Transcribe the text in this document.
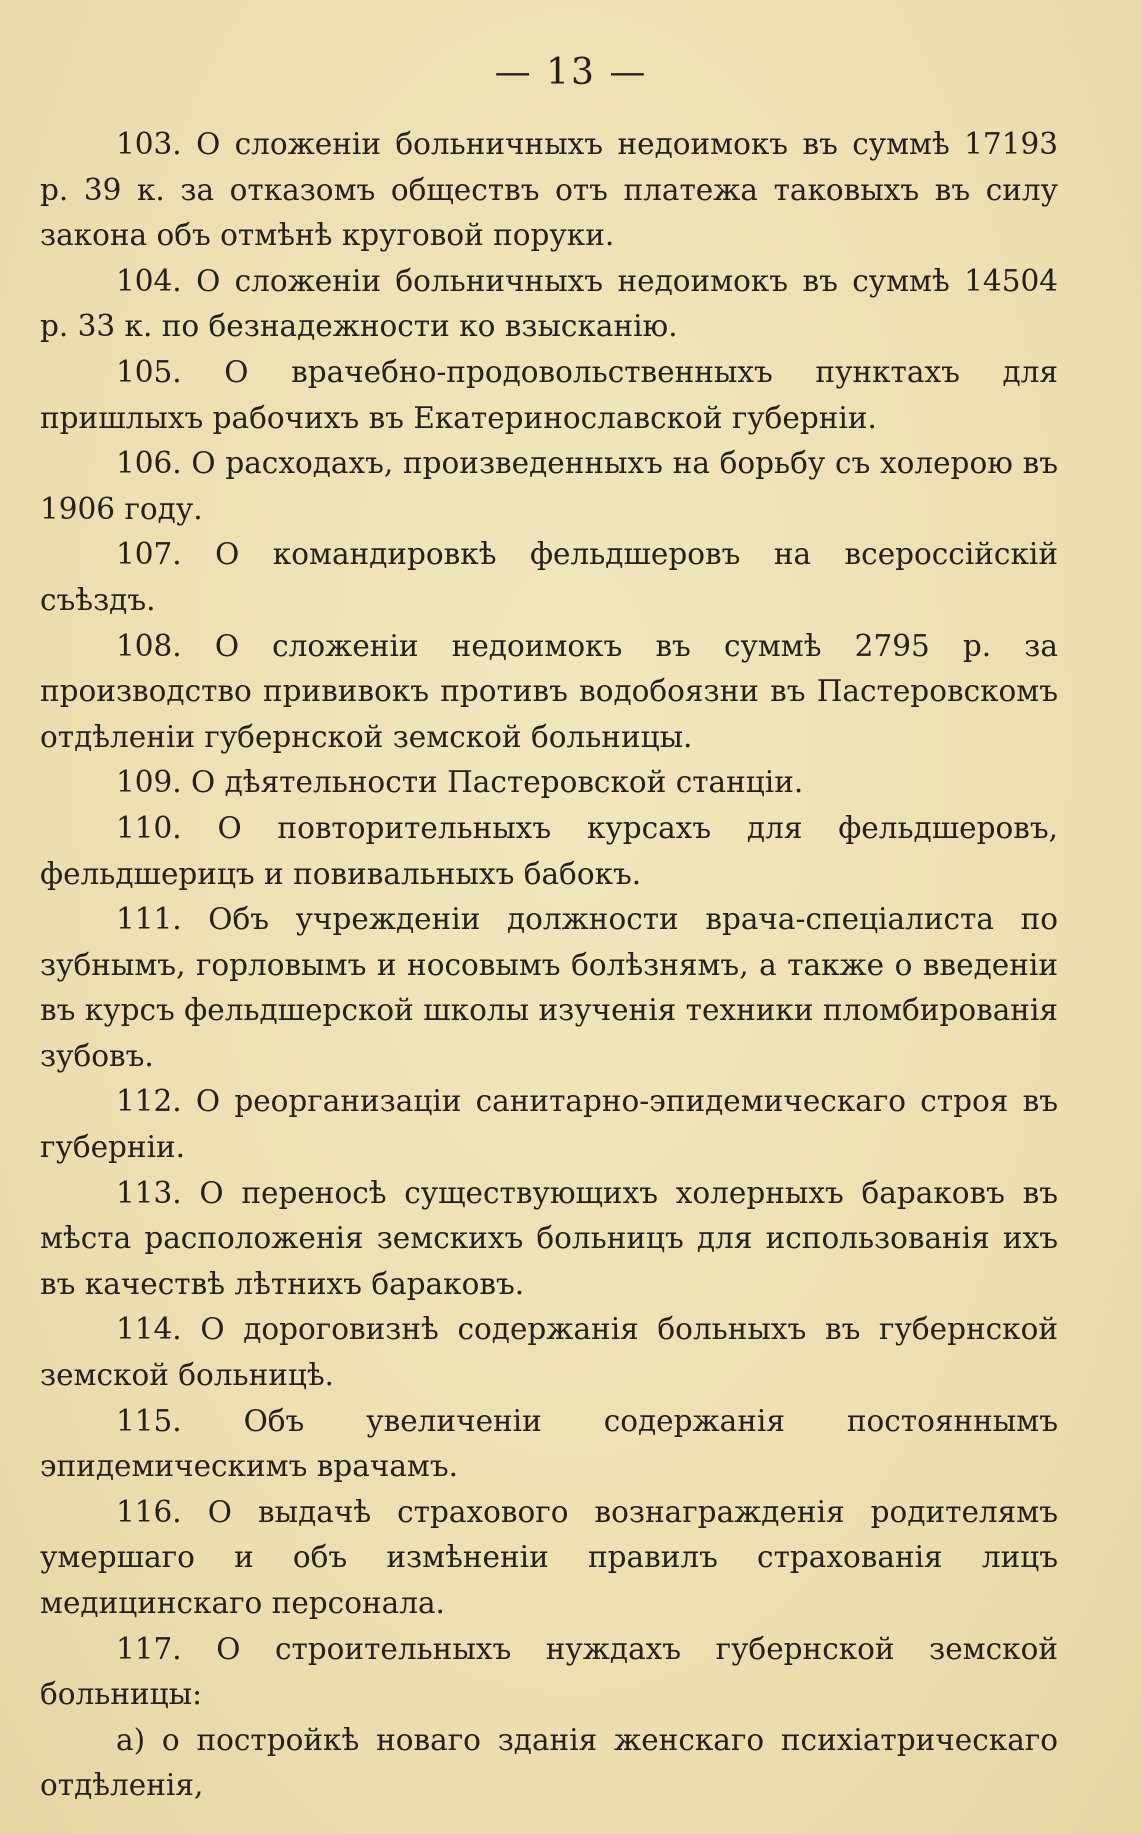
— 13 —

103. О сложеніи больничныхъ недоимокъ въ суммѣ 17193 р. 39 к. за отказомъ обществъ отъ платежа таковыхъ въ силу закона объ отмѣнѣ круговой поруки.

104. О сложеніи больничныхъ недоимокъ въ суммѣ 14504 р. 33 к. по безнадежности ко взысканію.

105. О врачебно-продовольственныхъ пунктахъ для пришлыхъ рабочихъ въ Екатеринославской губерніи.

106. О расходахъ, произведенныхъ на борьбу съ холерою въ 1906 году.

107. О командировкѣ фельдшеровъ на всероссійскій съѣздъ.

108. О сложеніи недоимокъ въ суммѣ 2795 р. за производство прививокъ противъ водобоязни въ Пастеровскомъ отдѣленіи губернской земской больницы.

109. О дѣятельности Пастеровской станціи.

110. О повторительныхъ курсахъ для фельдшеровъ, фельдшерицъ и повивальныхъ бабокъ.

111. Объ учрежденіи должности врача-спеціалиста по зубнымъ, горловымъ и носовымъ болѣзнямъ, а также о введеніи въ курсъ фельдшерской школы изученія техники пломбированія зубовъ.

112. О реорганизаціи санитарно-эпидемическаго строя въ губерніи.

113. О переносѣ существующихъ холерныхъ бараковъ въ мѣста расположенія земскихъ больницъ для использованія ихъ въ качествѣ лѣтнихъ бараковъ.

114. О дороговизнѣ содержанія больныхъ въ губернской земской больницѣ.

115. Объ увеличеніи содержанія постояннымъ эпидемическимъ врачамъ.

116. О выдачѣ страхового вознагражденія родителямъ умершаго и объ измѣненіи правилъ страхованія лицъ медицинскаго персонала.

117. О строительныхъ нуждахъ губернской земской больницы:

а) о постройкѣ новаго зданія женскаго психіатрическаго отдѣленія,
